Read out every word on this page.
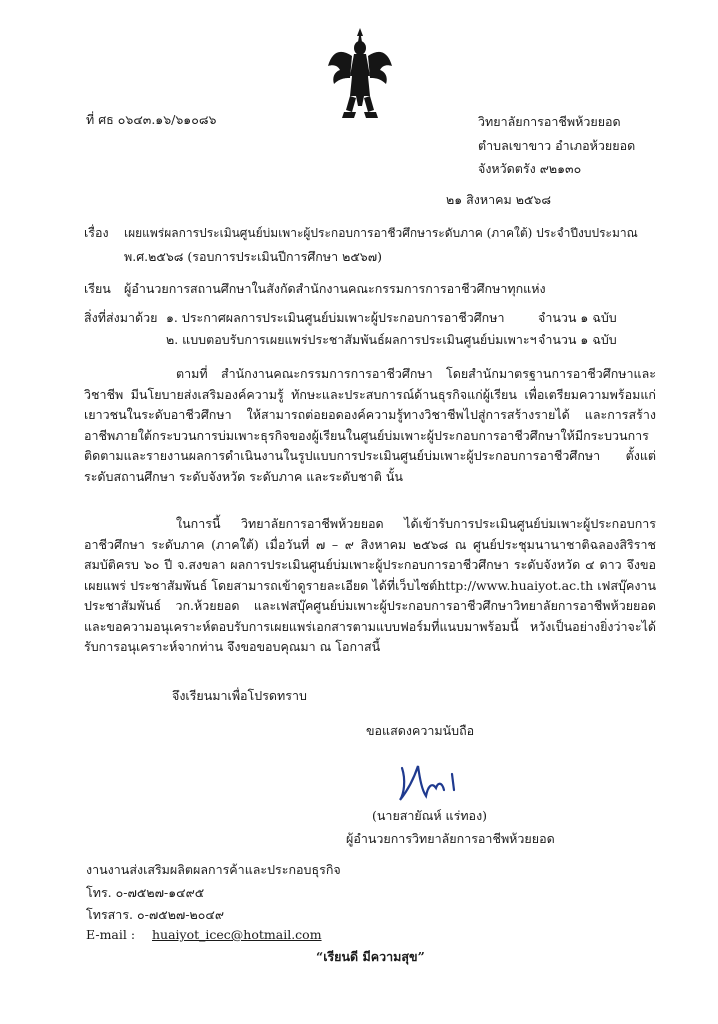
ที่ ศธ ๐๖๔๓.๑๖/๖๑๐๘๖	วิทยาลัยการอาชีพห้วยยอด
ตำบลเขาขาว อำเภอห้วยยอด
จังหวัดตรัง ๙๒๑๓๐
๒๑ สิงหาคม ๒๕๖๘
เรื่อง เผยแพร่ผลการประเมินศูนย์บ่มเพาะผู้ประกอบการอาชีวศึกษาระดับภาค (ภาคใต้) ประจำปีงบประมาณ
พ.ศ.๒๕๖๘ (รอบการประเมินปีการศึกษา ๒๕๖๗)
เรียน ผู้อำนวยการสถานศึกษาในสังกัดสำนักงานคณะกรรมการการอาชีวศึกษาทุกแห่ง
สิ่งที่ส่งมาด้วย ๑. ประกาศผลการประเมินศูนย์บ่มเพาะผู้ประกอบการอาชีวศึกษา	จำนวน ๑ ฉบับ
๒. แบบตอบรับการเผยแพร่ประชาสัมพันธ์ผลการประเมินศูนย์บ่มเพาะฯ จำนวน ๑ ฉบับ
ตามที่ สำนักงานคณะกรรมการการอาชีวศึกษา โดยสำนักมาตรฐานการอาชีวศึกษาและวิชาชีพ มีนโยบายส่งเสริมองค์ความรู้ ทักษะและประสบการณ์ด้านธุรกิจแก่ผู้เรียน เพื่อเตรียมความพร้อมแก่เยาวชนในระดับอาชีวศึกษา ให้สามารถต่อยอดองค์ความรู้ทางวิชาชีพไปสู่การสร้างรายได้ และการสร้างอาชีพภายใต้กระบวนการบ่มเพาะธุรกิจของผู้เรียนในศูนย์บ่มเพาะผู้ประกอบการอาชีวศึกษาให้มีกระบวนการติดตามและรายงานผลการดำเนินงานในรูปแบบการประเมินศูนย์บ่มเพาะผู้ประกอบการอาชีวศึกษา ตั้งแต่ระดับสถานศึกษา ระดับจังหวัด ระดับภาค และระดับชาติ นั้น
ในการนี้ วิทยาลัยการอาชีพห้วยยอด ได้เข้ารับการประเมินศูนย์บ่มเพาะผู้ประกอบการอาชีวศึกษา ระดับภาค (ภาคใต้) เมื่อวันที่ ๗ – ๙ สิงหาคม ๒๕๖๘ ณ ศูนย์ประชุมนานาชาติฉลองสิริราชสมบัติครบ ๖๐ ปี จ.สงขลา ผลการประเมินศูนย์บ่มเพาะผู้ประกอบการอาชีวศึกษา ระดับจังหวัด ๔ ดาว จึงขอเผยแพร่ ประชาสัมพันธ์ โดยสามารถเข้าดูรายละเอียด ได้ที่เว็บไซต์http://www.huaiyot.ac.th เฟสบุ๊คงานประชาสัมพันธ์ วก.ห้วยยอด และเฟสบุ๊คศูนย์บ่มเพาะผู้ประกอบการอาชีวศึกษาวิทยาลัยการอาชีพห้วยยอด และขอความอนุเคราะห์ตอบรับการเผยแพร่เอกสารตามแบบฟอร์มที่แนบมาพร้อมนี้ หวังเป็นอย่างยิ่งว่าจะได้รับการอนุเคราะห์จากท่าน จึงขอขอบคุณมา ณ โอกาสนี้
จึงเรียนมาเพื่อโปรดทราบ
ขอแสดงความนับถือ
(นายสายัณห์ แร่ทอง)
ผู้อำนวยการวิทยาลัยการอาชีพห้วยยอด
งานงานส่งเสริมผลิตผลการค้าและประกอบธุรกิจ
โทร. ๐-๗๕๒๗-๑๔๙๕
โทรสาร. ๐-๗๕๒๗-๒๐๔๙
E-mail : huaiyot_icec@hotmail.com
“เรียนดี มีความสุข”
